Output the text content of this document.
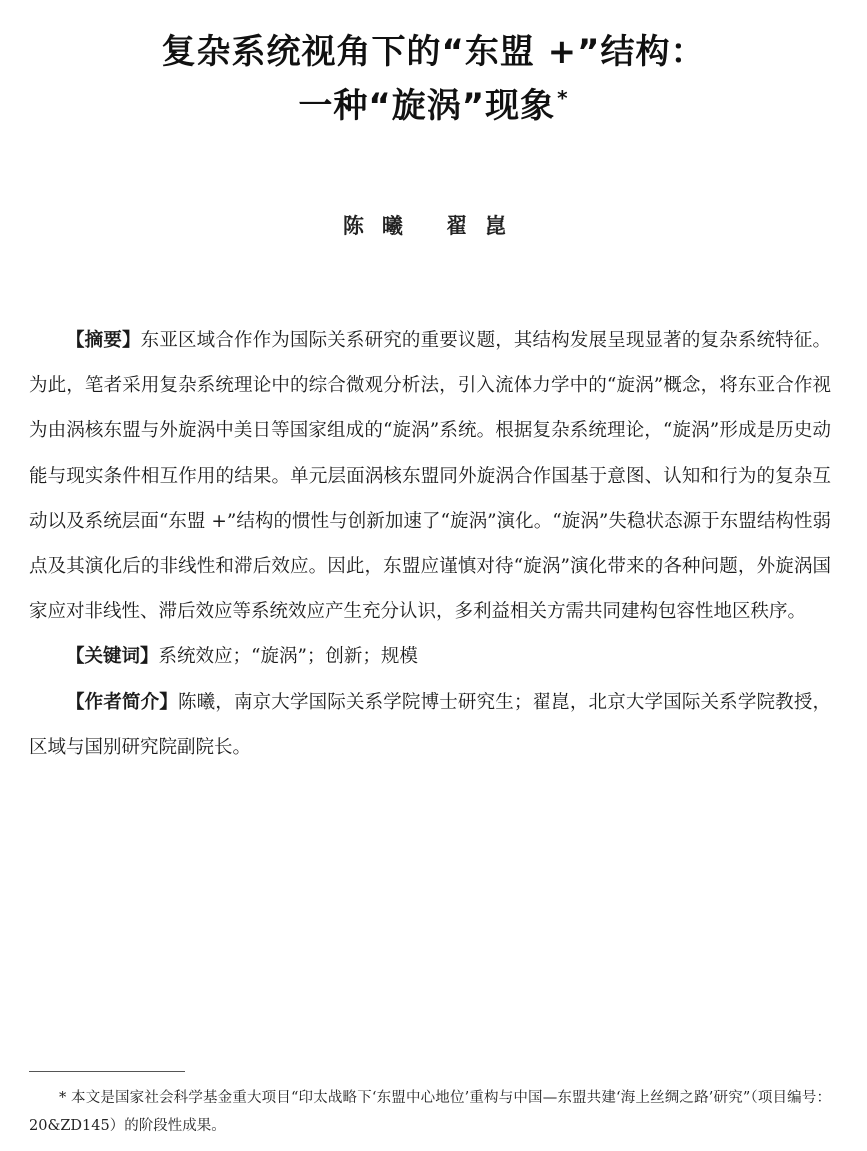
复杂系统视角下的“东盟 +”结构：
一种“旋涡”现象 *
陈曦 翟崑

【摘要】东亚区域合作作为国际关系研究的重要议题，其结构发展呈现显著的复杂系统特征。为此，笔者采用复杂系统理论中的综合微观分析法，引入流体力学中的“旋涡”概念，将东亚合作视为由涡核东盟与外旋涡中美日等国家组成的“旋涡”系统。根据复杂系统理论，“旋涡”形成是历史动能与现实条件相互作用的结果。单元层面涡核东盟同外旋涡合作国基于意图、认知和行为的复杂互动以及系统层面“东盟 +”结构的惯性与创新加速了“旋涡”演化。“旋涡”失稳状态源于东盟结构性弱点及其演化后的非线性和滞后效应。因此，东盟应谨慎对待“旋涡”演化带来的各种问题，外旋涡国家应对非线性、滞后效应等系统效应产生充分认识，多利益相关方需共同建构包容性地区秩序。

【关键词】系统效应；“旋涡”；创新；规模

【作者简介】陈曦，南京大学国际关系学院博士研究生；翟崑，北京大学国际关系学院教授，区域与国别研究院副院长。

* 本文是国家社会科学基金重大项目“印太战略下‘东盟中心地位’重构与中国—东盟共建‘海上丝绸之路’研究”（项目编号：20&ZD145）的阶段性成果。
